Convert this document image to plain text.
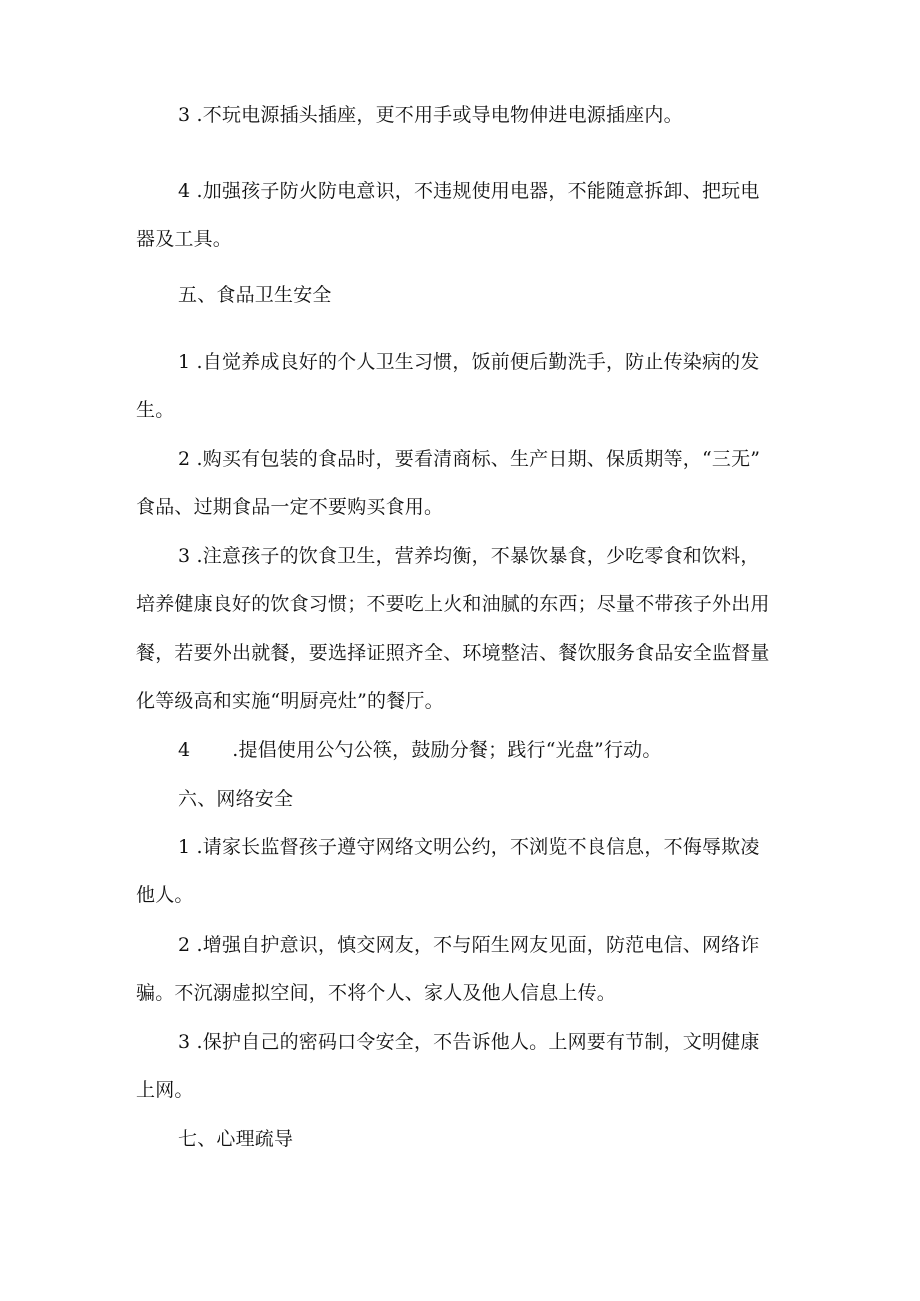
3 .不玩电源插头插座，更不用手或导电物伸进电源插座内。
4 .加强孩子防火防电意识，不违规使用电器，不能随意拆卸、把玩电
器及工具。
五、食品卫生安全
1 .自觉养成良好的个人卫生习惯，饭前便后勤洗手，防止传染病的发
生。
2 .购买有包装的食品时，要看清商标、生产日期、保质期等，“三无”
食品、过期食品一定不要购买食用。
3 .注意孩子的饮食卫生，营养均衡，不暴饮暴食，少吃零食和饮料，
培养健康良好的饮食习惯；不要吃上火和油腻的东西；尽量不带孩子外出用
餐，若要外出就餐，要选择证照齐全、环境整洁、餐饮服务食品安全监督量
化等级高和实施“明厨亮灶”的餐厅。
4 .提倡使用公勺公筷，鼓励分餐；践行“光盘”行动。
六、网络安全
1 .请家长监督孩子遵守网络文明公约，不浏览不良信息，不侮辱欺凌
他人。
2 .增强自护意识，慎交网友，不与陌生网友见面，防范电信、网络诈
骗。不沉溺虚拟空间，不将个人、家人及他人信息上传。
3 .保护自己的密码口令安全，不告诉他人。上网要有节制，文明健康
上网。
七、心理疏导
